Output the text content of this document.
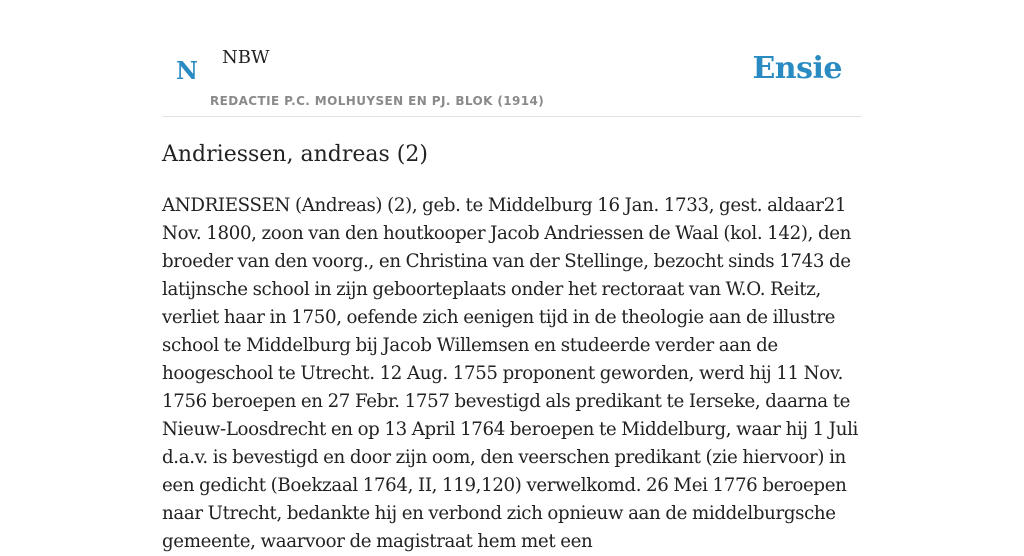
N NBW
REDACTIE P.C. MOLHUYSEN EN PJ. BLOK (1914)
Ensie
Andriessen, andreas (2)

ANDRIESSEN (Andreas) (2), geb. te Middelburg 16 Jan. 1733, gest. aldaar21 Nov. 1800, zoon van den houtkooper Jacob Andriessen de Waal (kol. 142), den broeder van den voorg., en Christina van der Stellinge, bezocht sinds 1743 de latijnsche school in zijn geboorteplaats onder het rectoraat van W.O. Reitz, verliet haar in 1750, oefende zich eenigen tijd in de theologie aan de illustre school te Middelburg bij Jacob Willemsen en studeerde verder aan de hoogeschool te Utrecht. 12 Aug. 1755 proponent geworden, werd hij 11 Nov. 1756 beroepen en 27 Febr. 1757 bevestigd als predikant te Ierseke, daarna te Nieuw-Loosdrecht en op 13 April 1764 beroepen te Middelburg, waar hij 1 Juli d.a.v. is bevestigd en door zijn oom, den veerschen predikant (zie hiervoor) in een gedicht (Boekzaal 1764, II, 119,120) verwelkomd. 26 Mei 1776 beroepen naar Utrecht, bedankte hij en verbond zich opnieuw aan de middelburgsche gemeente, waarvoor de magistraat hem met een
